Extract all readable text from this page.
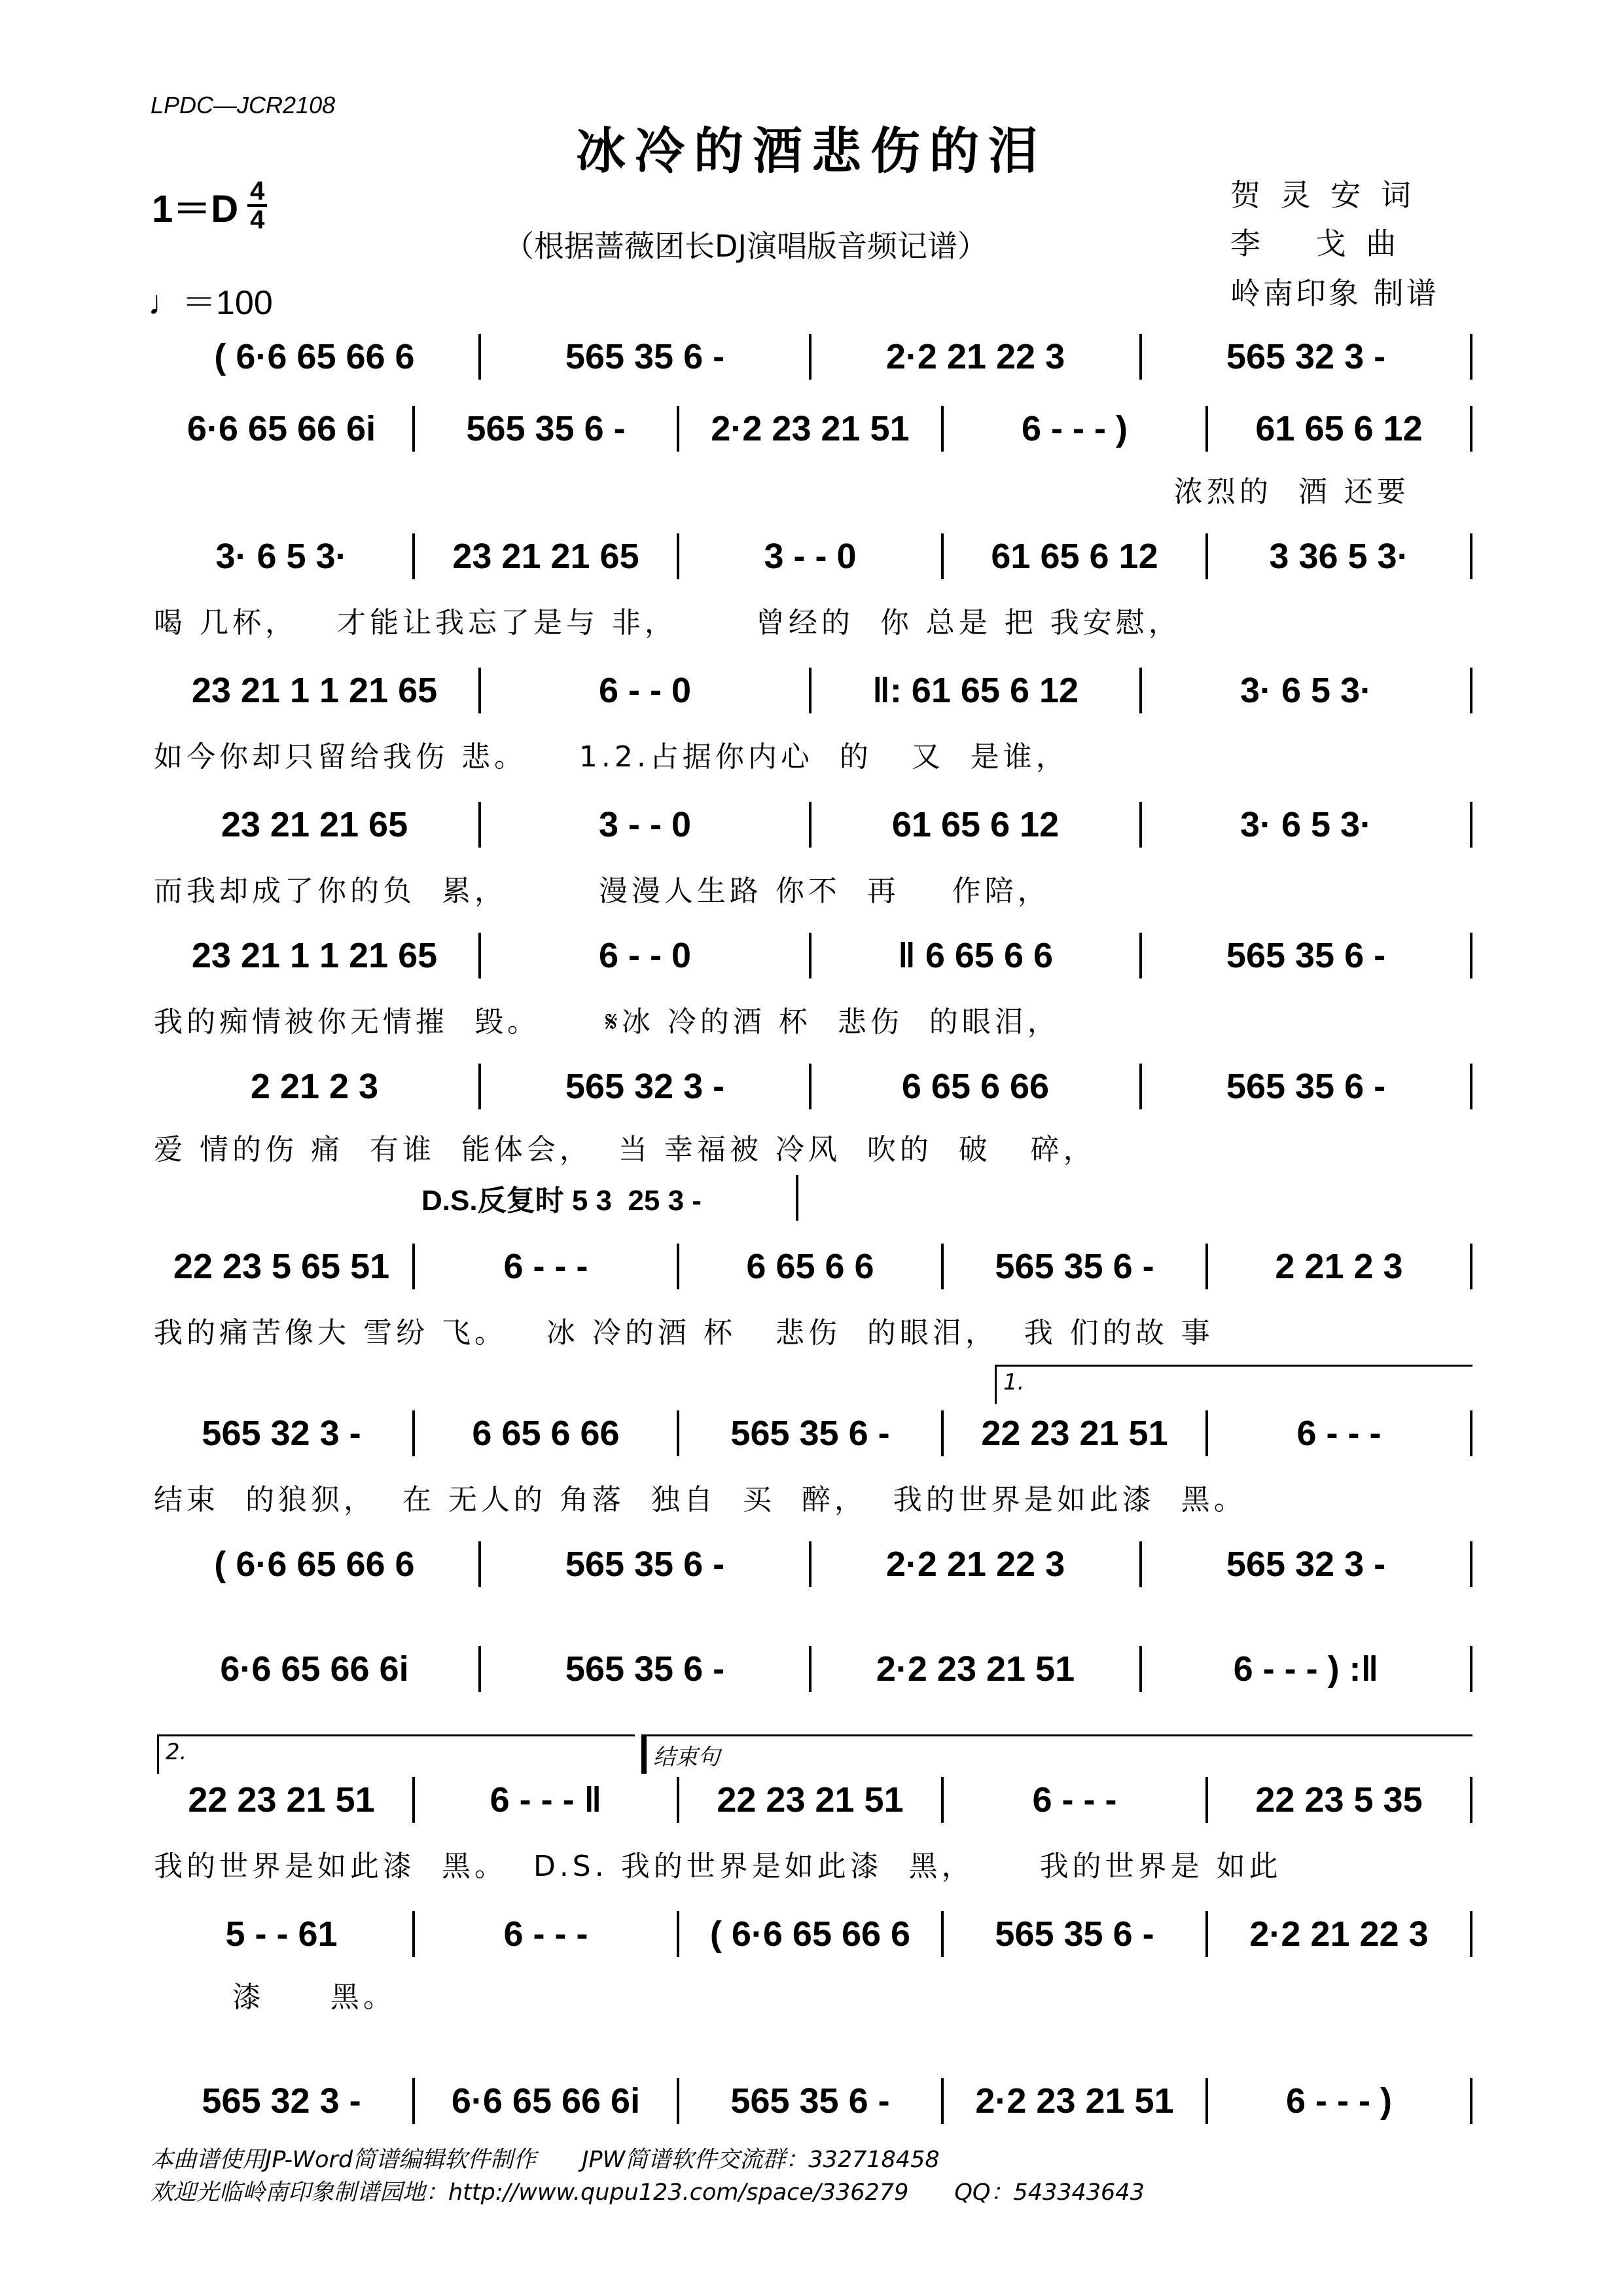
LPDC—JCR2108
冰冷的酒悲伤的泪
$1=D \frac{4}{4}$
♩＝100
（根据蔷薇团长DJ演唱版音频记谱）
贺 灵 安 词
李　 戈 曲
岭南印象 制谱
( 6·6 65 66 6	565 35 6 -	2·2 21 22 3	565 32 3 -
6·6 65 66 6i	565 35 6 -	2·2 23 21 51	6 - - - )	61 65 6 12
浓烈的  酒 还要
3· 6 5 3·	23 21 21 65	3 - - 0	61 65 6 12	3 36 5 3·
喝 几杯，   才能让我忘了是与 非，      曾经的  你 总是 把 我安慰，
23 21 1 1 21 65	6 - - 0	‖: 61 65 6 12	3· 6 5 3·
如今你却只留给我伤 悲。    1.2.占据你内心  的   又  是谁，
23 21 21 65	3 - - 0	61 65 6 12	3· 6 5 3·
而我却成了你的负  累，       漫漫人生路 你不  再    作陪，
23 21 1 1 21 65	6 - - 0	‖ 6 65 6 6	565 35 6 -
我的痴情被你无情摧  毁。     𝄋冰 冷的酒 杯  悲伤  的眼泪，
2 21 2 3	565 32 3 -	6 65 6 66	565 35 6 -
爱 情的伤 痛  有谁  能体会，  当 幸福被 冷风  吹的  破   碎，
D.S.反复时 5 3  25 3 -
22 23 5 65 51	6 - - -	6 65 6 6	565 35 6 -	2 21 2 3
我的痛苦像大 雪纷 飞。   冰 冷的酒 杯   悲伤  的眼泪，  我 们的故 事
565 32 3 -	6 65 6 66	565 35 6 -	22 23 21 51	6 - - -
结束  的狼狈，  在 无人的 角落  独自  买  醉，  我的世界是如此漆  黑。
( 6·6 65 66 6	565 35 6 -	2·2 21 22 3	565 32 3 -
6·6 65 66 6i	565 35 6 -	2·2 23 21 51	6 - - - ) :‖
22 23 21 51	6 - - - ‖	22 23 21 51	6 - - -	22 23 5 35
我的世界是如此漆  黑。  D.S. 我的世界是如此漆  黑，     我的世界是 如此
5 - - 61	6 - - -	( 6·6 65 66 6	565 35 6 -	2·2 21 22 3
漆     黑。
565 32 3 -	6·6 65 66 6i	565 35 6 -	2·2 23 21 51	6 - - - )
1.
2.	结束句
本曲谱使用JP-Word简谱编辑软件制作　　JPW简谱软件交流群：332718458
欢迎光临岭南印象制谱园地：http://www.qupu123.com/space/336279　　QQ：543343643
